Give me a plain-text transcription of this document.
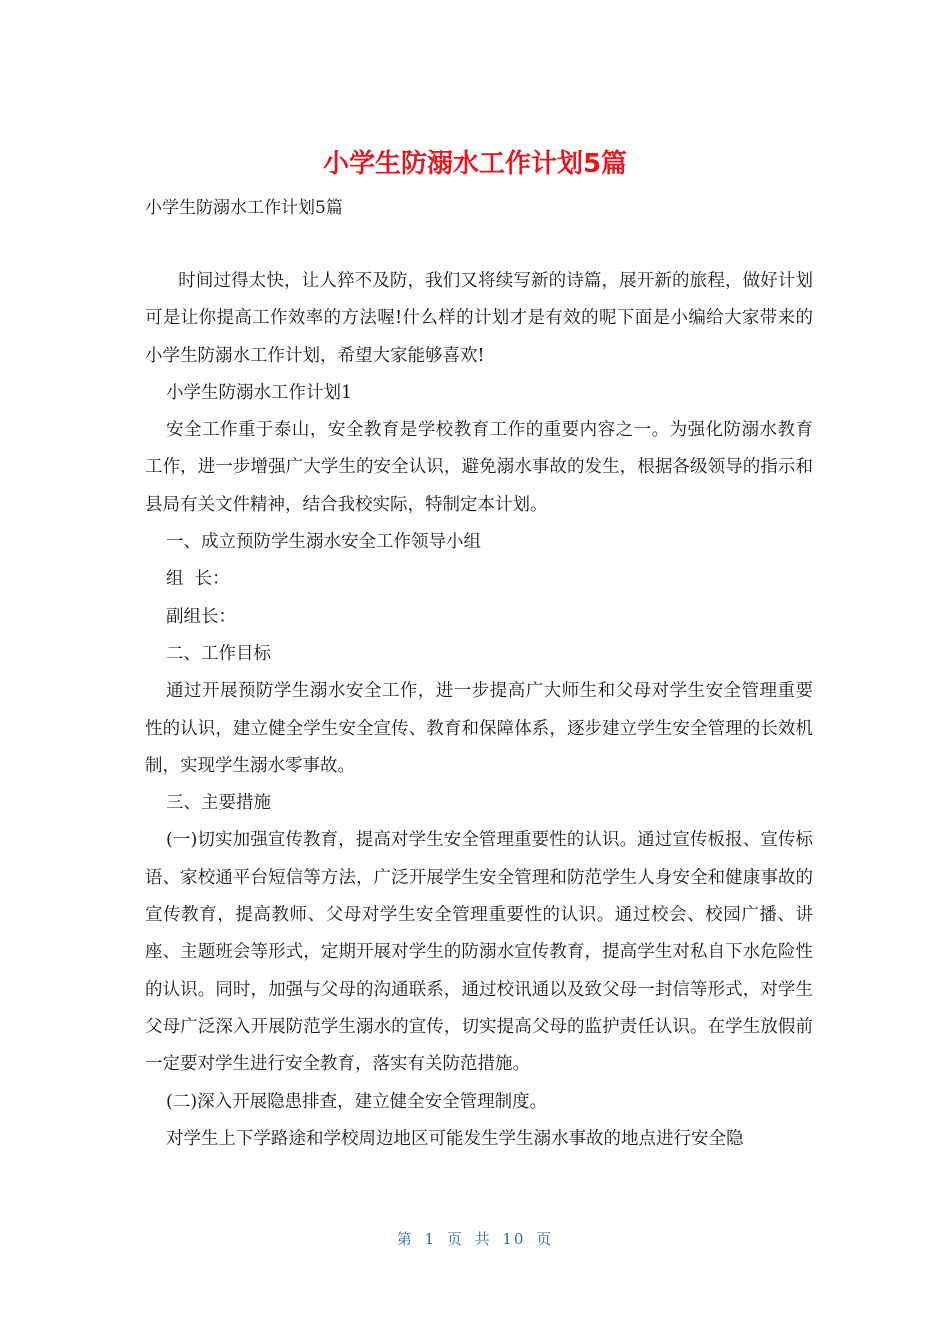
小学生防溺水工作计划5篇

小学生防溺水工作计划5篇

时间过得太快，让人猝不及防，我们又将续写新的诗篇，展开新的旅程，做好计划可是让你提高工作效率的方法喔!什么样的计划才是有效的呢下面是小编给大家带来的小学生防溺水工作计划，希望大家能够喜欢!

小学生防溺水工作计划1

安全工作重于泰山，安全教育是学校教育工作的重要内容之一。为强化防溺水教育工作，进一步增强广大学生的安全认识，避免溺水事故的发生，根据各级领导的指示和县局有关文件精神，结合我校实际，特制定本计划。

一、成立预防学生溺水安全工作领导小组

组  长：

副组长：

二、工作目标

通过开展预防学生溺水安全工作，进一步提高广大师生和父母对学生安全管理重要性的认识，建立健全学生安全宣传、教育和保障体系，逐步建立学生安全管理的长效机制，实现学生溺水零事故。

三、主要措施

(一)切实加强宣传教育，提高对学生安全管理重要性的认识。通过宣传板报、宣传标语、家校通平台短信等方法，广泛开展学生安全管理和防范学生人身安全和健康事故的宣传教育，提高教师、父母对学生安全管理重要性的认识。通过校会、校园广播、讲座、主题班会等形式，定期开展对学生的防溺水宣传教育，提高学生对私自下水危险性的认识。同时，加强与父母的沟通联系，通过校讯通以及致父母一封信等形式，对学生父母广泛深入开展防范学生溺水的宣传，切实提高父母的监护责任认识。在学生放假前一定要对学生进行安全教育，落实有关防范措施。

(二)深入开展隐患排查，建立健全安全管理制度。

对学生上下学路途和学校周边地区可能发生学生溺水事故的地点进行安全隐

第 1 页 共 10 页
